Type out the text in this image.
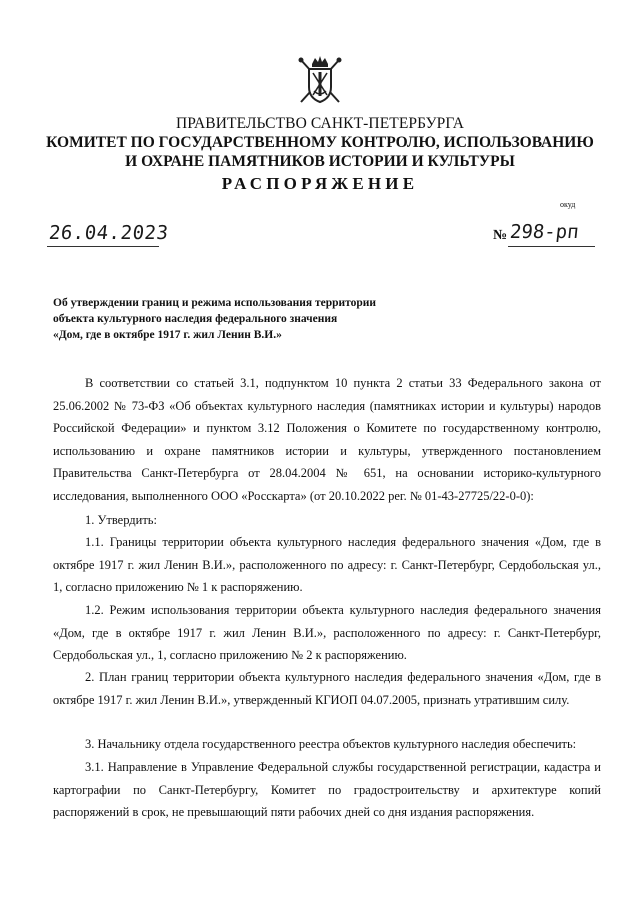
ПРАВИТЕЛЬСТВО САНКТ-ПЕТЕРБУРГА
КОМИТЕТ ПО ГОСУДАРСТВЕННОМУ КОНТРОЛЮ, ИСПОЛЬЗОВАНИЮ
И ОХРАНЕ ПАМЯТНИКОВ ИСТОРИИ И КУЛЬТУРЫ
РАСПОРЯЖЕНИЕ
окуд
26.04.2023	№ 298-рп
Об утверждении границ и режима использования территории
объекта культурного наследия федерального значения
«Дом, где в октябре 1917 г. жил Ленин В.И.»

В соответствии со статьей 3.1, подпунктом 10 пункта 2 статьи 33 Федерального закона от 25.06.2002 № 73-ФЗ «Об объектах культурного наследия (памятниках истории и культуры) народов Российской Федерации» и пунктом 3.12 Положения о Комитете по государственному контролю, использованию и охране памятников истории и культуры, утвержденного постановлением Правительства Санкт-Петербурга от 28.04.2004 № 651, на основании историко-культурного исследования, выполненного ООО «Росскарта» (от 20.10.2022 рег. № 01-43-27725/22-0-0):

1. Утвердить:

1.1. Границы территории объекта культурного наследия федерального значения «Дом, где в октябре 1917 г. жил Ленин В.И.», расположенного по адресу: г. Санкт-Петербург, Сердобольская ул., 1, согласно приложению № 1 к распоряжению.

1.2. Режим использования территории объекта культурного наследия федерального значения «Дом, где в октябре 1917 г. жил Ленин В.И.», расположенного по адресу: г. Санкт-Петербург, Сердобольская ул., 1, согласно приложению № 2 к распоряжению.

2. План границ территории объекта культурного наследия федерального значения «Дом, где в октябре 1917 г. жил Ленин В.И.», утвержденный КГИОП 04.07.2005, признать утратившим силу.

3. Начальнику отдела государственного реестра объектов культурного наследия обеспечить:

3.1. Направление в Управление Федеральной службы государственной регистрации, кадастра и картографии по Санкт-Петербургу, Комитет по градостроительству и архитектуре копий распоряжений в срок, не превышающий пяти рабочих дней со дня издания распоряжения.
